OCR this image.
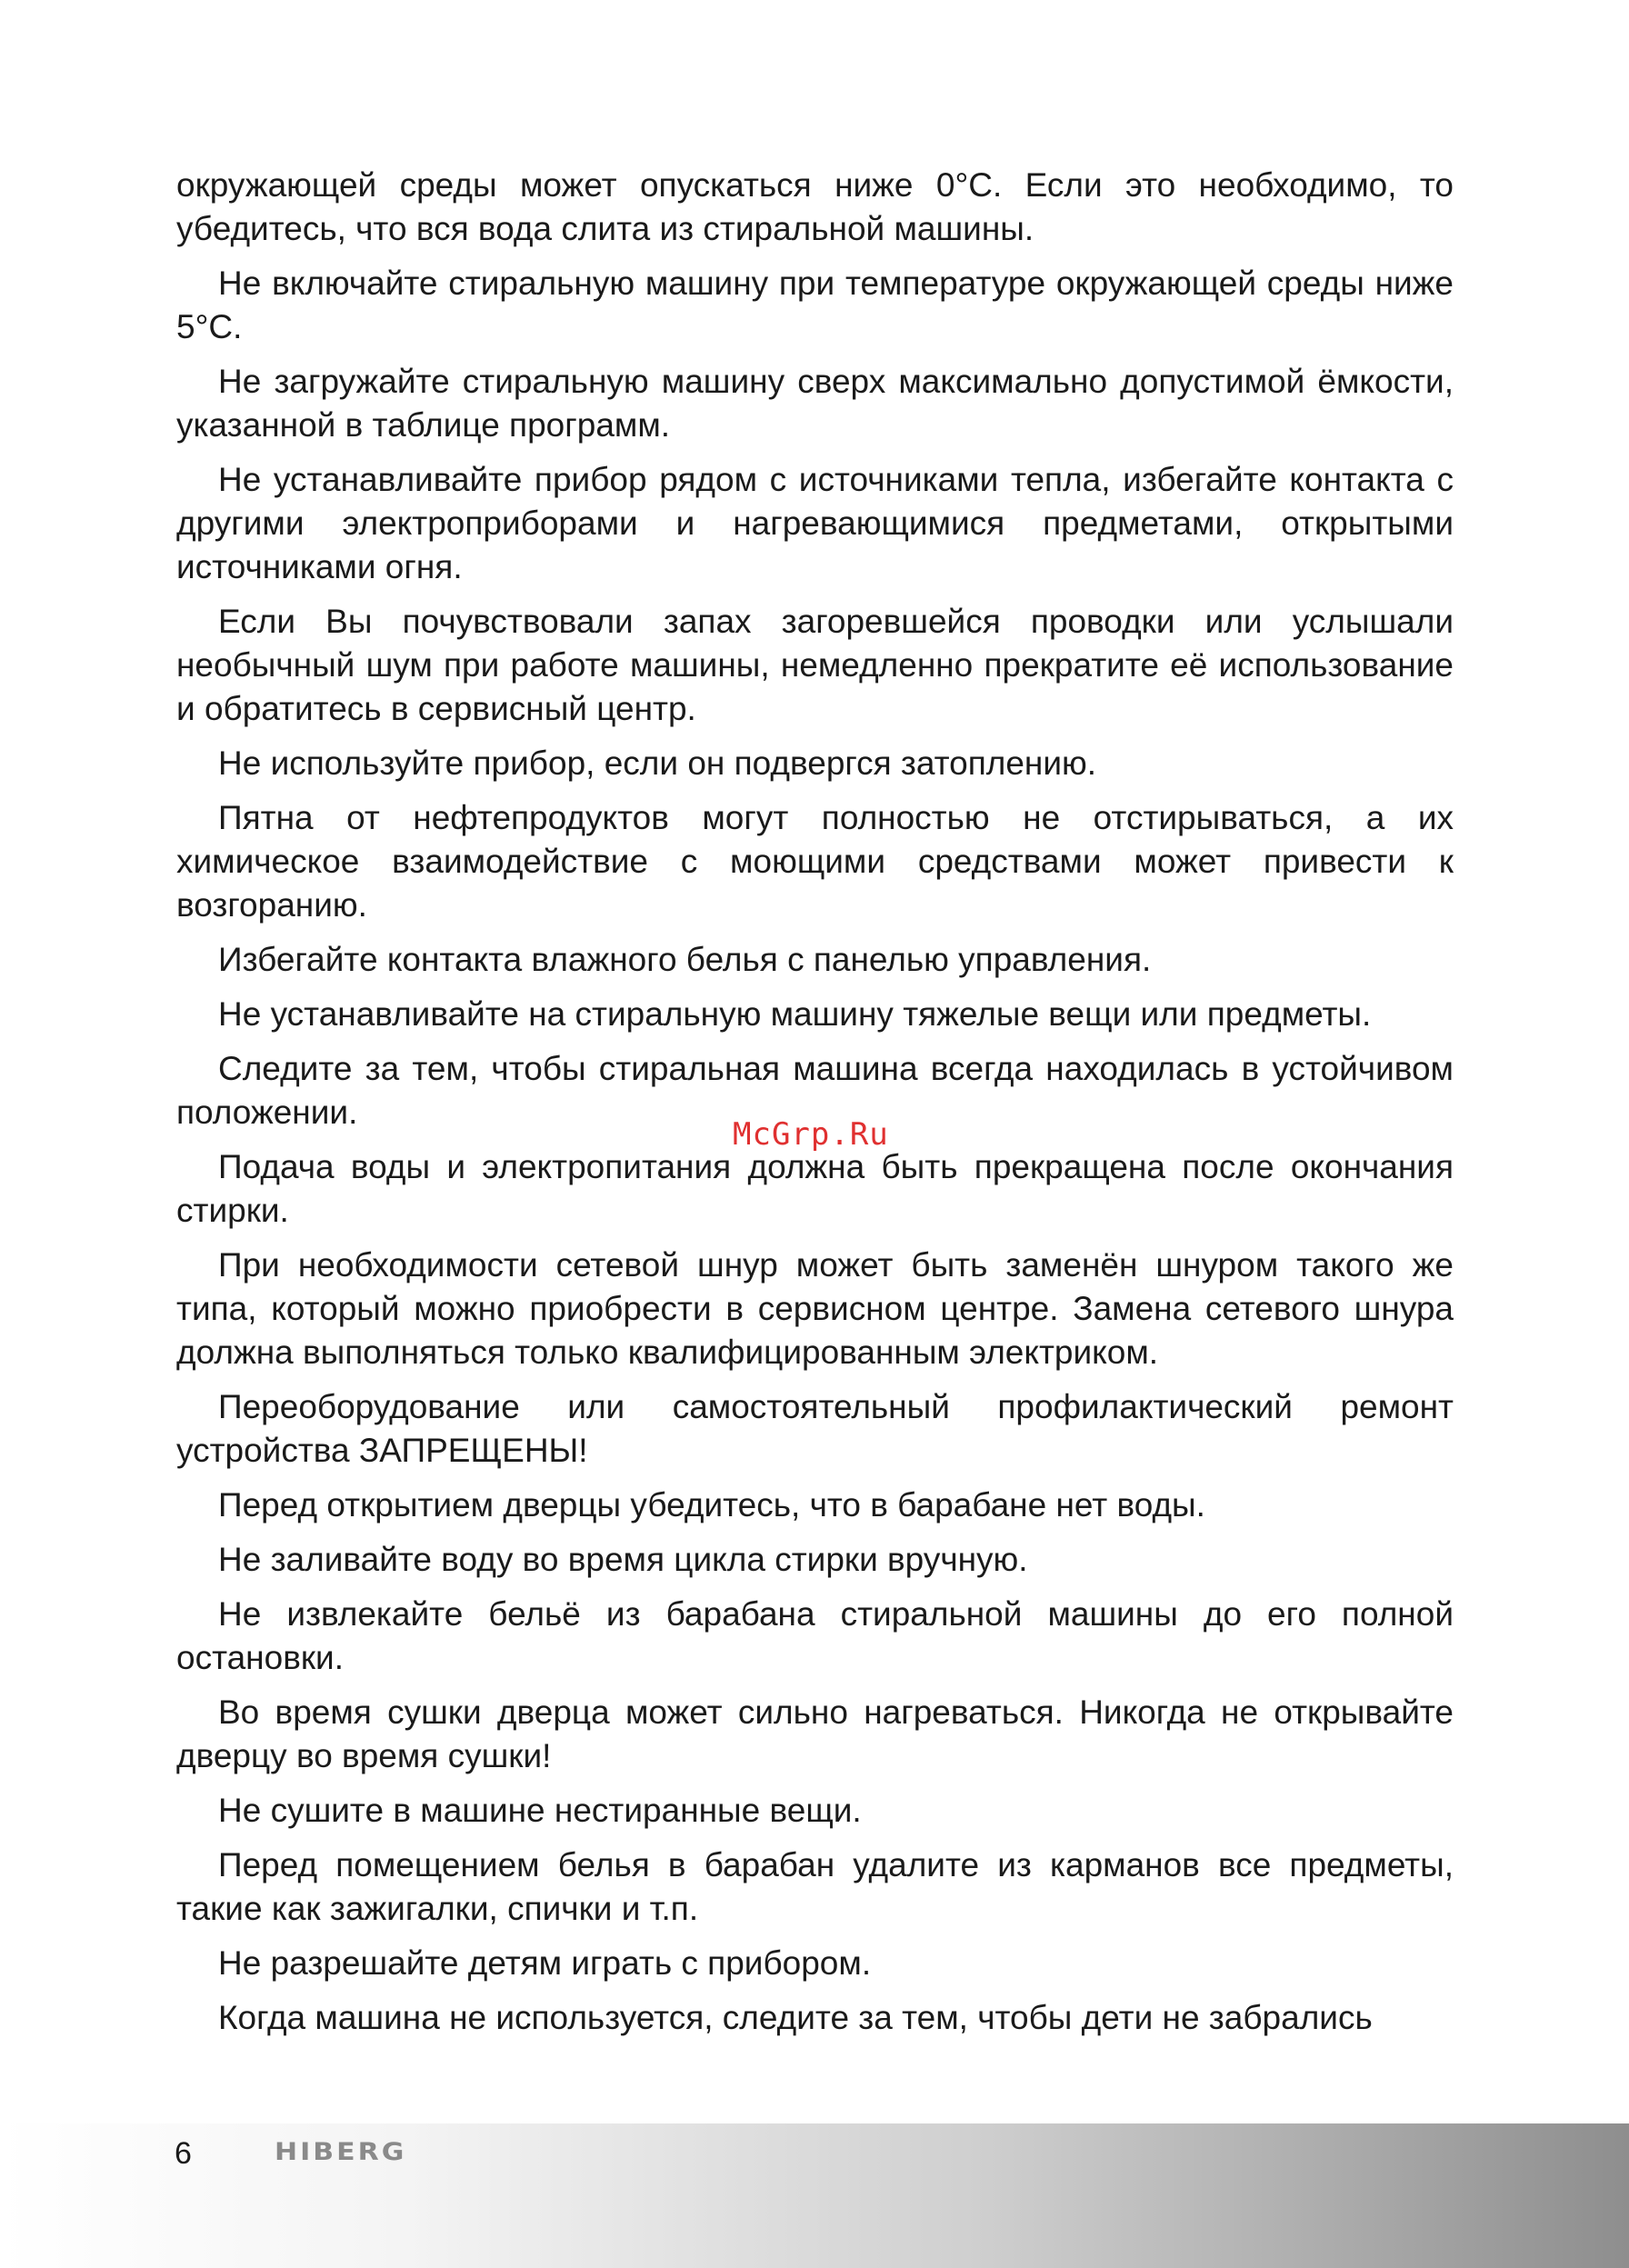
окружающей среды может опускаться ниже 0°С. Если это необходимо, то убедитесь, что вся вода слита из стиральной машины.

Не включайте стиральную машину при температуре окружающей среды ниже 5°С.

Не загружайте стиральную машину сверх максимально допустимой ёмкости, указанной в таблице программ.

Не устанавливайте прибор рядом с источниками тепла, избегайте контакта с другими электроприборами и нагревающимися предметами, открытыми источниками огня.

Если Вы почувствовали запах загоревшейся проводки или услышали необычный шум при работе машины, немедленно прекратите её использование и обратитесь в сервисный центр.

Не используйте прибор, если он подвергся затоплению.

Пятна от нефтепродуктов могут полностью не отстирываться, а их химическое взаимодействие с моющими средствами может привести к возгоранию.

Избегайте контакта влажного белья с панелью управления.

Не устанавливайте на стиральную машину тяжелые вещи или предметы.

Следите за тем, чтобы стиральная машина всегда находилась в устойчивом положении.

Подача воды и электропитания должна быть прекращена после окончания стирки.

При необходимости сетевой шнур может быть заменён шнуром такого же типа, который можно приобрести в сервисном центре. Замена сетевого шнура должна выполняться только квалифицированным электриком.

Переоборудование или самостоятельный профилактический ремонт устройства ЗАПРЕЩЕНЫ!

Перед открытием дверцы убедитесь, что в барабане нет воды.

Не заливайте воду во время цикла стирки вручную.

Не извлекайте бельё из барабана стиральной машины до его полной остановки.

Во время сушки дверца может сильно нагреваться. Никогда не открывайте дверцу во время сушки!

Не сушите в машине нестиранные вещи.

Перед помещением белья в барабан удалите из карманов все предметы, такие как зажигалки, спички и т.п.

Не разрешайте детям играть с прибором.

Когда машина не используется, следите за тем, чтобы дети не забрались

McGrp.Ru
6	HIBERG
